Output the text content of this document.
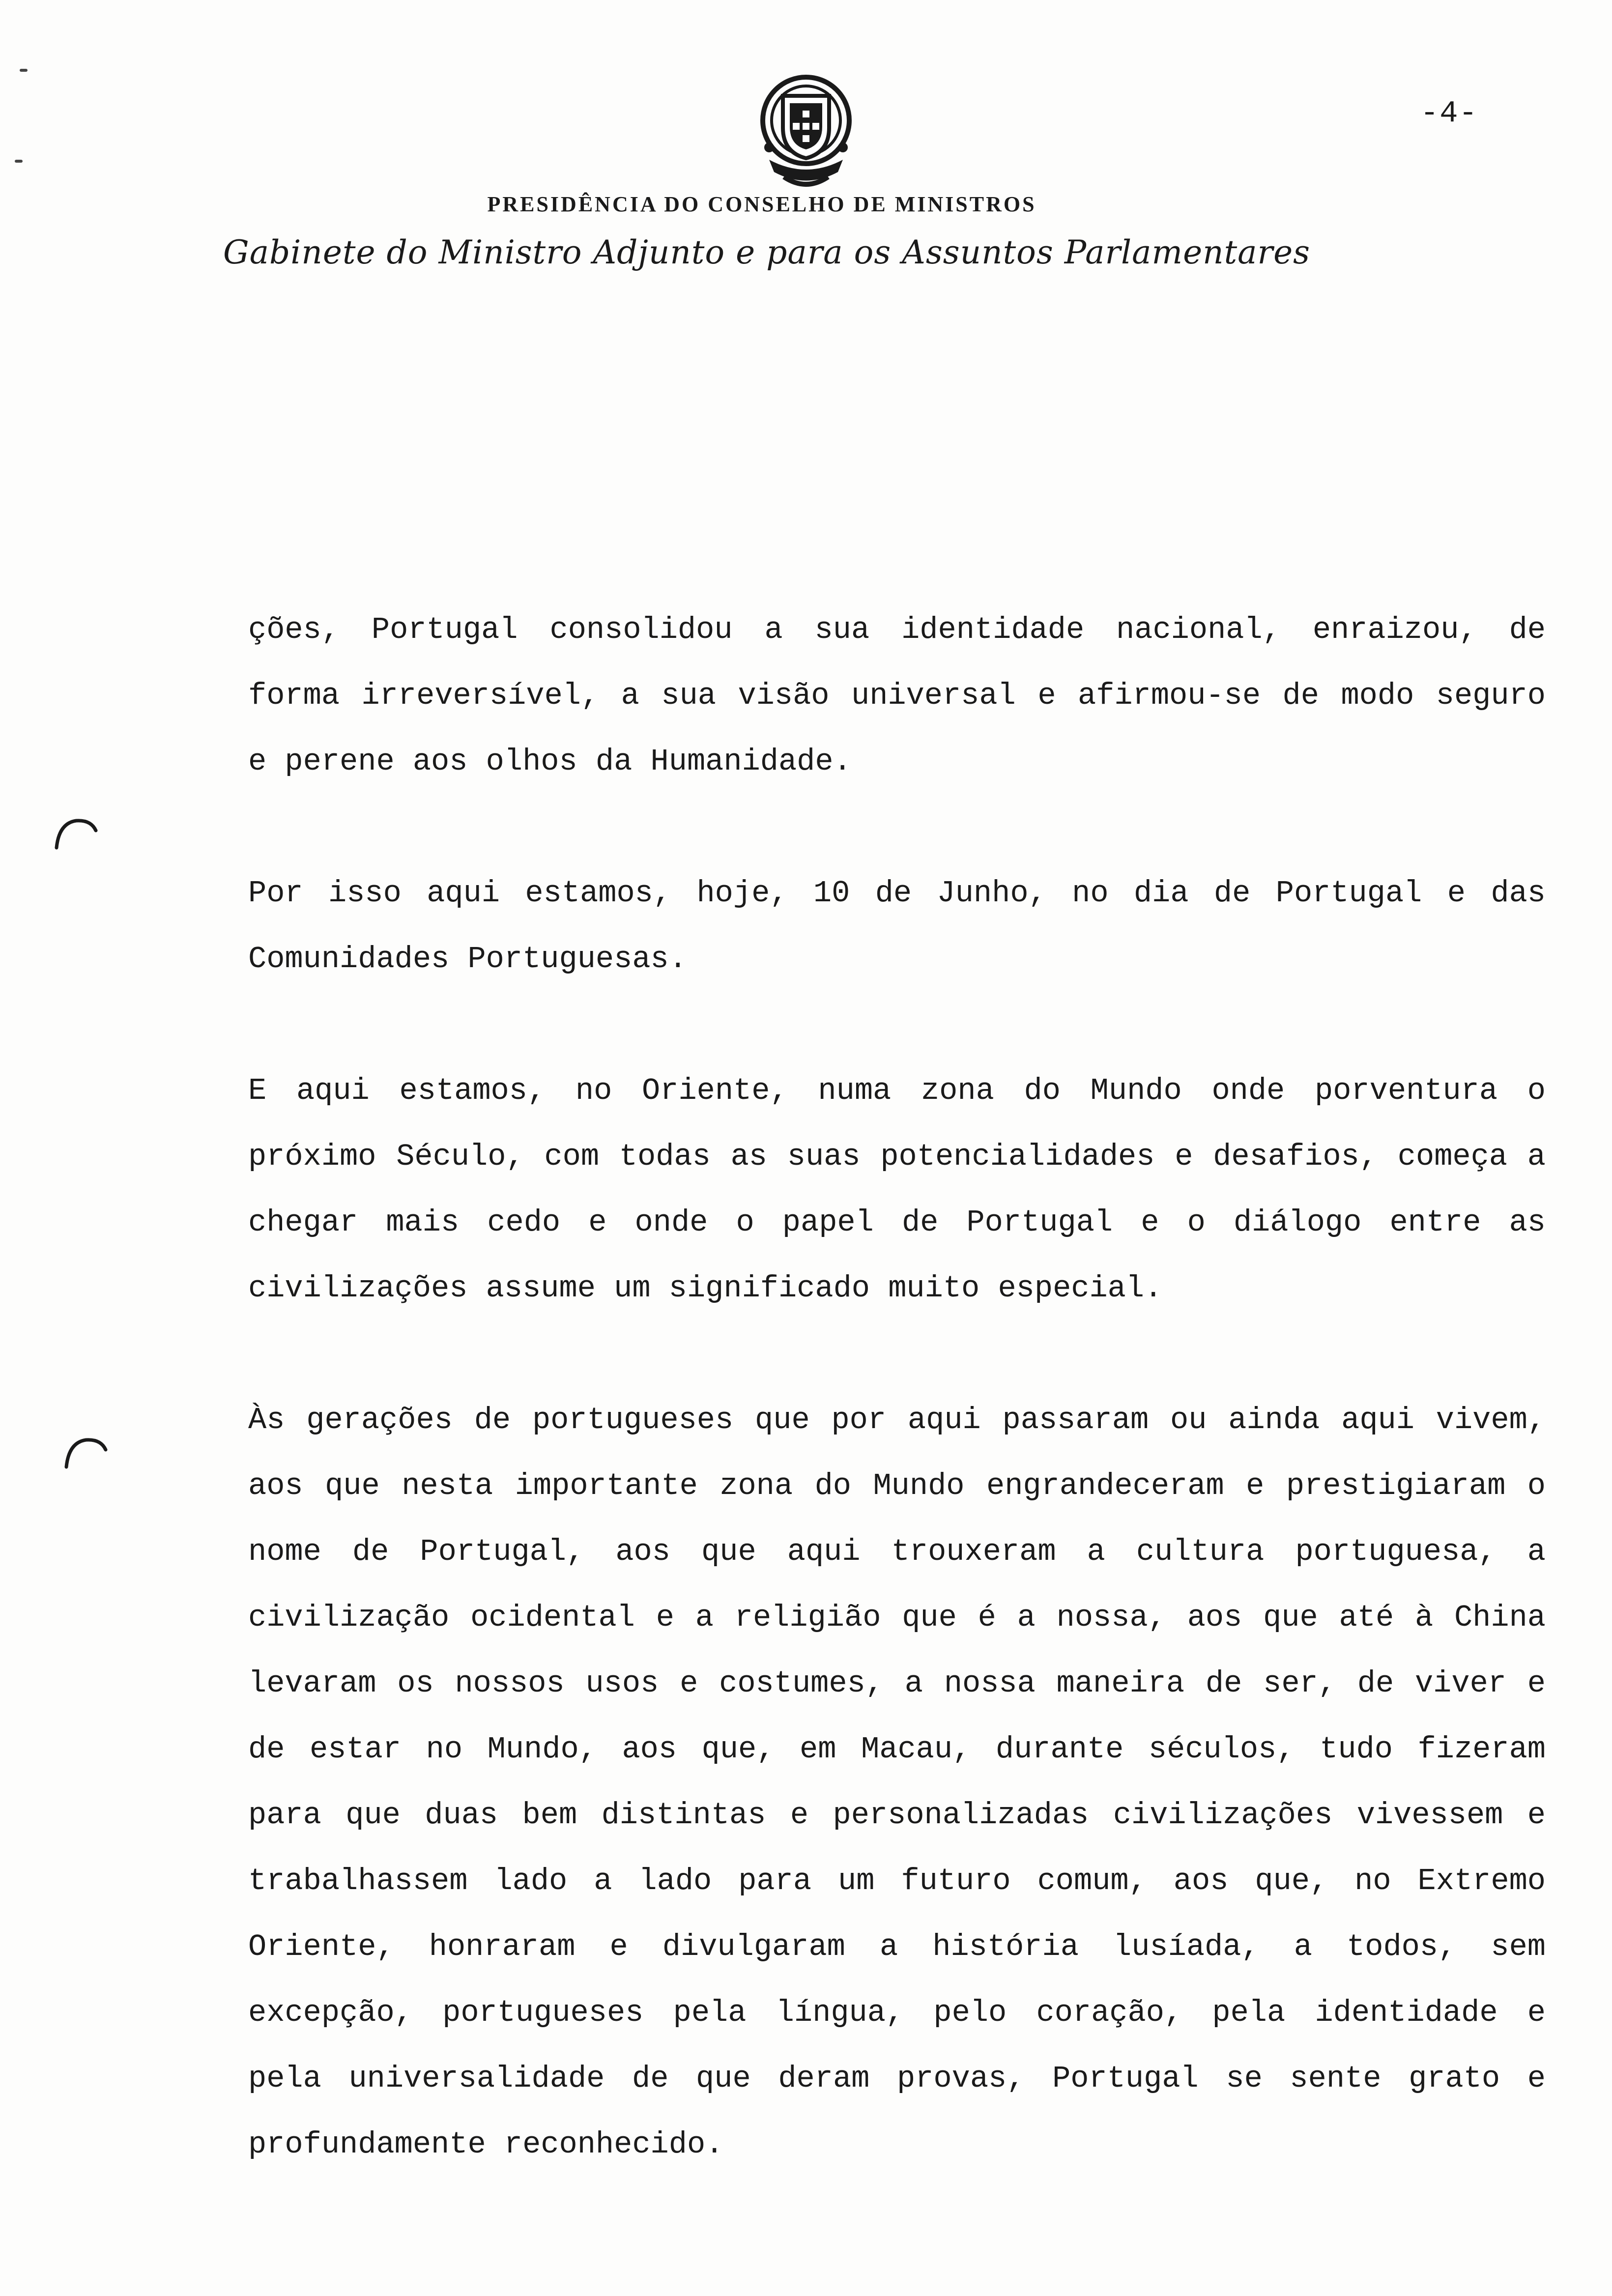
-4-
PRESIDÊNCIA DO CONSELHO DE MINISTROS
Gabinete do Ministro Adjunto e para os Assuntos Parlamentares

ções, Portugal consolidou a sua identidade nacional, enraizou, de forma irreversível, a sua visão universal e afirmou-se de modo seguro e perene aos olhos da Humanidade.

Por isso aqui estamos, hoje, 10 de Junho, no dia de Portugal e das Comunidades Portuguesas.

E aqui estamos, no Oriente, numa zona do Mundo onde porventura o próximo Século, com todas as suas potencialidades e desafios, começa a chegar mais cedo e onde o papel de Portugal e o diálogo entre as civilizações assume um significado muito especial.

Às gerações de portugueses que por aqui passaram ou ainda aqui vivem, aos que nesta importante zona do Mundo engrandeceram e prestigiaram o nome de Portugal, aos que aqui trouxeram a cultura portuguesa, a civilização ocidental e a religião que é a nossa, aos que até à China levaram os nossos usos e costumes, a nossa maneira de ser, de viver e de estar no Mundo, aos que, em Macau, durante séculos, tudo fizeram para que duas bem distintas e personalizadas civilizações vivessem e trabalhassem lado a lado para um futuro comum, aos que, no Extremo Oriente, honraram e divulgaram a história lusíada, a todos, sem excepção, portugueses pela língua, pelo coração, pela identidade e pela universalidade de que deram provas, Portugal se sente grato e profundamente reconhecido.
